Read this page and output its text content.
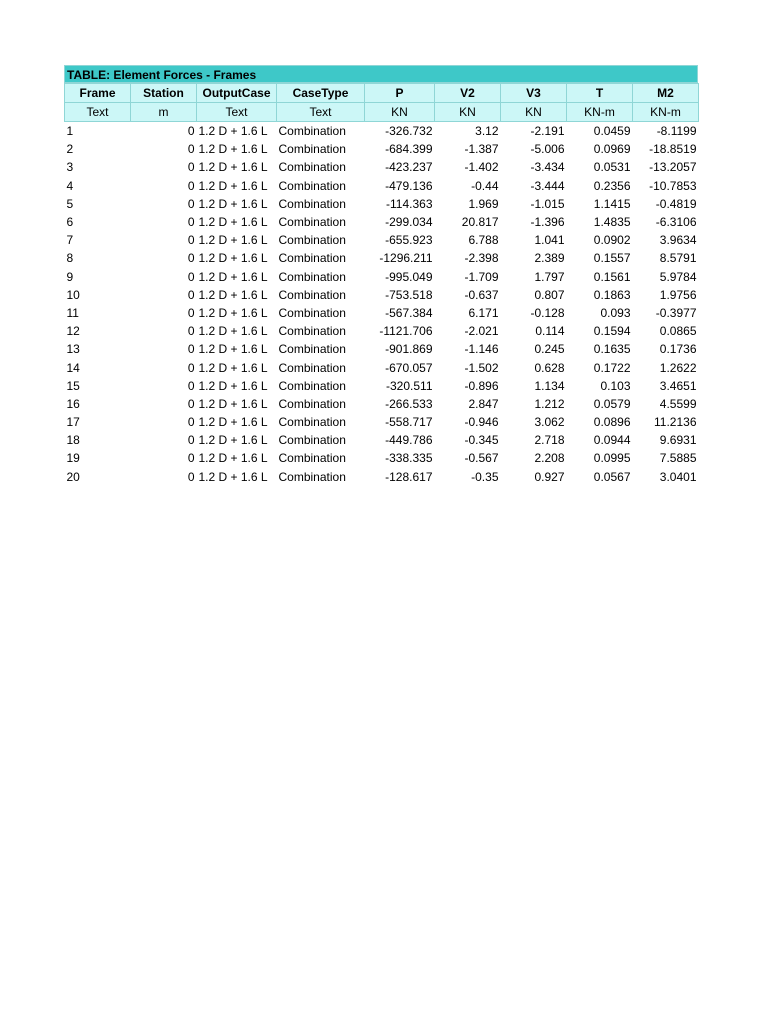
TABLE: Element Forces - Frames
Frame	Station	OutputCase	CaseType	P	V2	V3	T	M2
Text	m	Text	Text	KN	KN	KN	KN-m	KN-m
1	0	1.2 D + 1.6 L	Combination	-326.732	3.12	-2.191	0.0459	-8.1199
2	0	1.2 D + 1.6 L	Combination	-684.399	-1.387	-5.006	0.0969	-18.8519
3	0	1.2 D + 1.6 L	Combination	-423.237	-1.402	-3.434	0.0531	-13.2057
4	0	1.2 D + 1.6 L	Combination	-479.136	-0.44	-3.444	0.2356	-10.7853
5	0	1.2 D + 1.6 L	Combination	-114.363	1.969	-1.015	1.1415	-0.4819
6	0	1.2 D + 1.6 L	Combination	-299.034	20.817	-1.396	1.4835	-6.3106
7	0	1.2 D + 1.6 L	Combination	-655.923	6.788	1.041	0.0902	3.9634
8	0	1.2 D + 1.6 L	Combination	-1296.211	-2.398	2.389	0.1557	8.5791
9	0	1.2 D + 1.6 L	Combination	-995.049	-1.709	1.797	0.1561	5.9784
10	0	1.2 D + 1.6 L	Combination	-753.518	-0.637	0.807	0.1863	1.9756
11	0	1.2 D + 1.6 L	Combination	-567.384	6.171	-0.128	0.093	-0.3977
12	0	1.2 D + 1.6 L	Combination	-1121.706	-2.021	0.114	0.1594	0.0865
13	0	1.2 D + 1.6 L	Combination	-901.869	-1.146	0.245	0.1635	0.1736
14	0	1.2 D + 1.6 L	Combination	-670.057	-1.502	0.628	0.1722	1.2622
15	0	1.2 D + 1.6 L	Combination	-320.511	-0.896	1.134	0.103	3.4651
16	0	1.2 D + 1.6 L	Combination	-266.533	2.847	1.212	0.0579	4.5599
17	0	1.2 D + 1.6 L	Combination	-558.717	-0.946	3.062	0.0896	11.2136
18	0	1.2 D + 1.6 L	Combination	-449.786	-0.345	2.718	0.0944	9.6931
19	0	1.2 D + 1.6 L	Combination	-338.335	-0.567	2.208	0.0995	7.5885
20	0	1.2 D + 1.6 L	Combination	-128.617	-0.35	0.927	0.0567	3.0401
